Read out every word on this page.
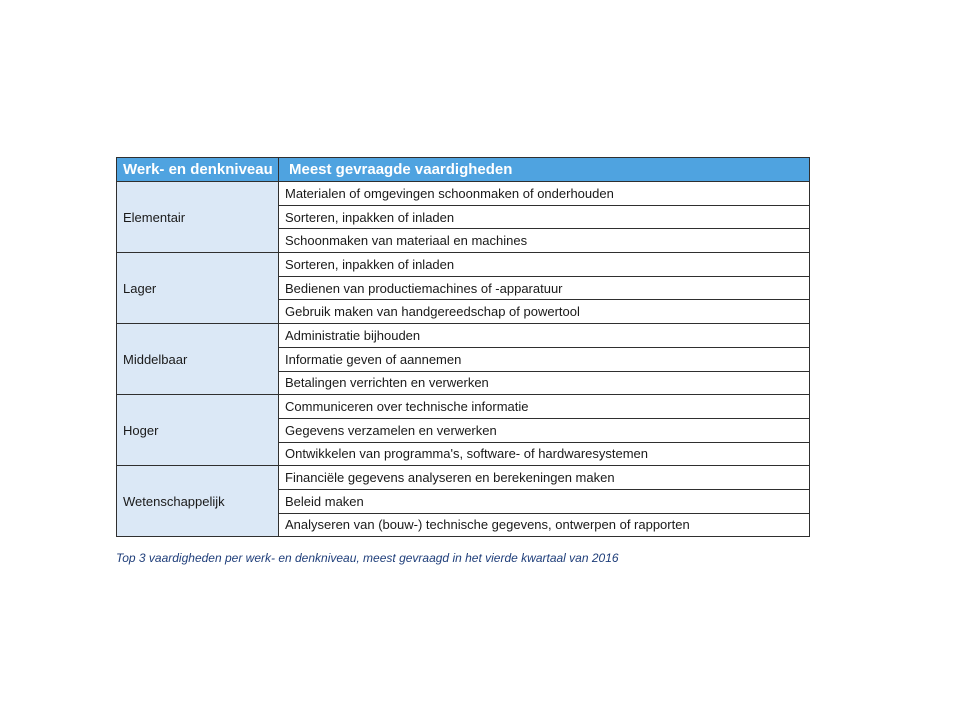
Werk- en denkniveau	Meest gevraagde vaardigheden
Elementair	Materialen of omgevingen schoonmaken of onderhouden
	Sorteren, inpakken of inladen
	Schoonmaken van materiaal en machines
Lager	Sorteren, inpakken of inladen
	Bedienen van productiemachines of -apparatuur
	Gebruik maken van handgereedschap of powertool
Middelbaar	Administratie bijhouden
	Informatie geven of aannemen
	Betalingen verrichten en verwerken
Hoger	Communiceren over technische informatie
	Gegevens verzamelen en verwerken
	Ontwikkelen van programma's, software- of hardwaresystemen
Wetenschappelijk	Financiële gegevens analyseren en berekeningen maken
	Beleid maken
	Analyseren van (bouw-) technische gegevens, ontwerpen of rapporten
Top 3 vaardigheden per werk- en denkniveau, meest gevraagd in het vierde kwartaal van 2016
